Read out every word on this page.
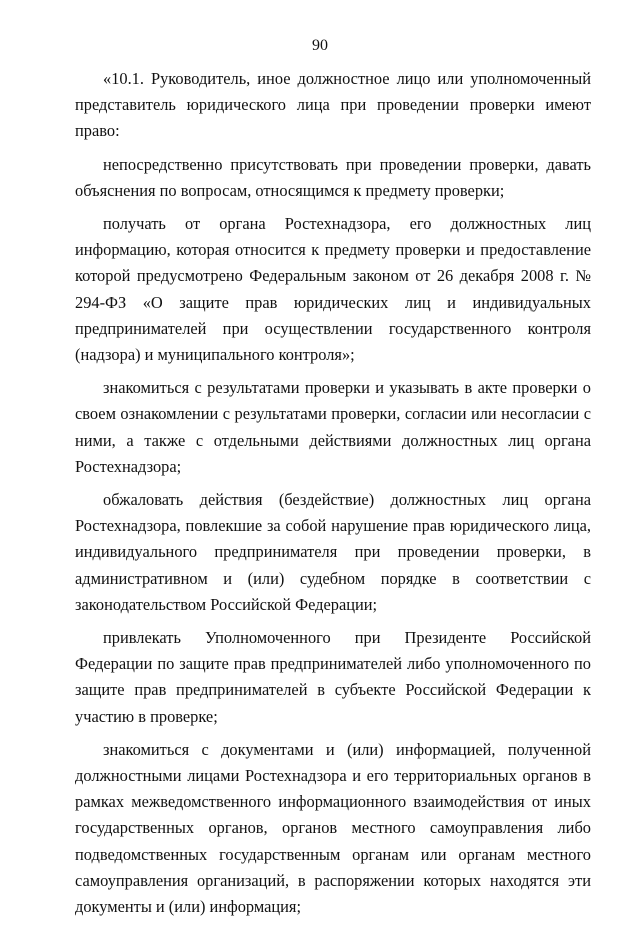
90

«10.1. Руководитель, иное должностное лицо или уполномоченный представитель юридического лица при проведении проверки имеют право:

непосредственно присутствовать при проведении проверки, давать объяснения по вопросам, относящимся к предмету проверки;

получать от органа Ростехнадзора, его должностных лиц информацию, которая относится к предмету проверки и предоставление которой предусмотрено Федеральным законом от 26 декабря 2008 г. № 294-ФЗ «О защите прав юридических лиц и индивидуальных предпринимателей при осуществлении государственного контроля (надзора) и муниципального контроля»;

знакомиться с результатами проверки и указывать в акте проверки о своем ознакомлении с результатами проверки, согласии или несогласии с ними, а также с отдельными действиями должностных лиц органа Ростехнадзора;

обжаловать действия (бездействие) должностных лиц органа Ростехнадзора, повлекшие за собой нарушение прав юридического лица, индивидуального предпринимателя при проведении проверки, в административном и (или) судебном порядке в соответствии с законодательством Российской Федерации;

привлекать Уполномоченного при Президенте Российской Федерации по защите прав предпринимателей либо уполномоченного по защите прав предпринимателей в субъекте Российской Федерации к участию в проверке;

знакомиться с документами и (или) информацией, полученной должностными лицами Ростехнадзора и его территориальных органов в рамках межведомственного информационного взаимодействия от иных государственных органов, органов местного самоуправления либо подведомственных государственным органам или органам местного самоуправления организаций, в распоряжении которых находятся эти документы и (или) информация;
